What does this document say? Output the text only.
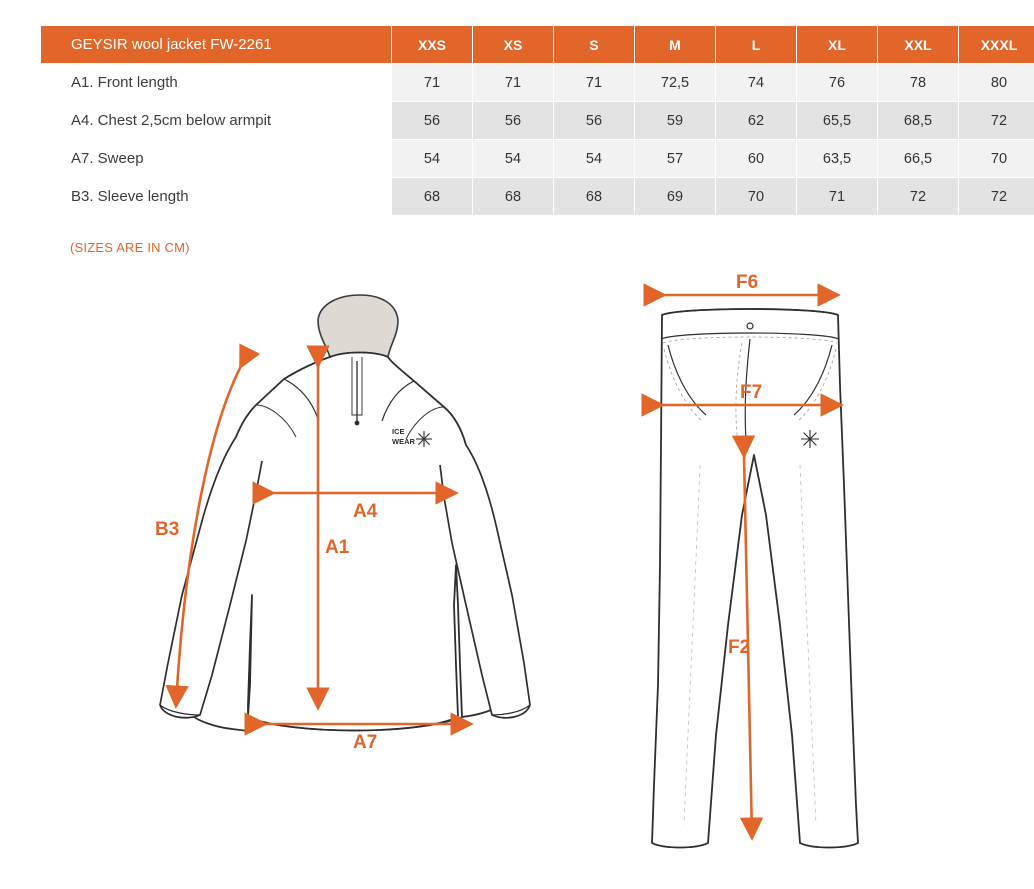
GEYSIR wool jacket FW-2261	XXS	XS	S	M	L	XL	XXL	XXXL
A1. Front length	71	71	71	72,5	74	76	78	80
A4. Chest 2,5cm below armpit	56	56	56	59	62	65,5	68,5	72
A7. Sweep	54	54	54	57	60	63,5	66,5	70
B3. Sleeve length	68	68	68	69	70	71	72	72
(SIZES ARE IN CM)
ICE
WEAR
B3
A4
A1
A7
F6
F7
F2
